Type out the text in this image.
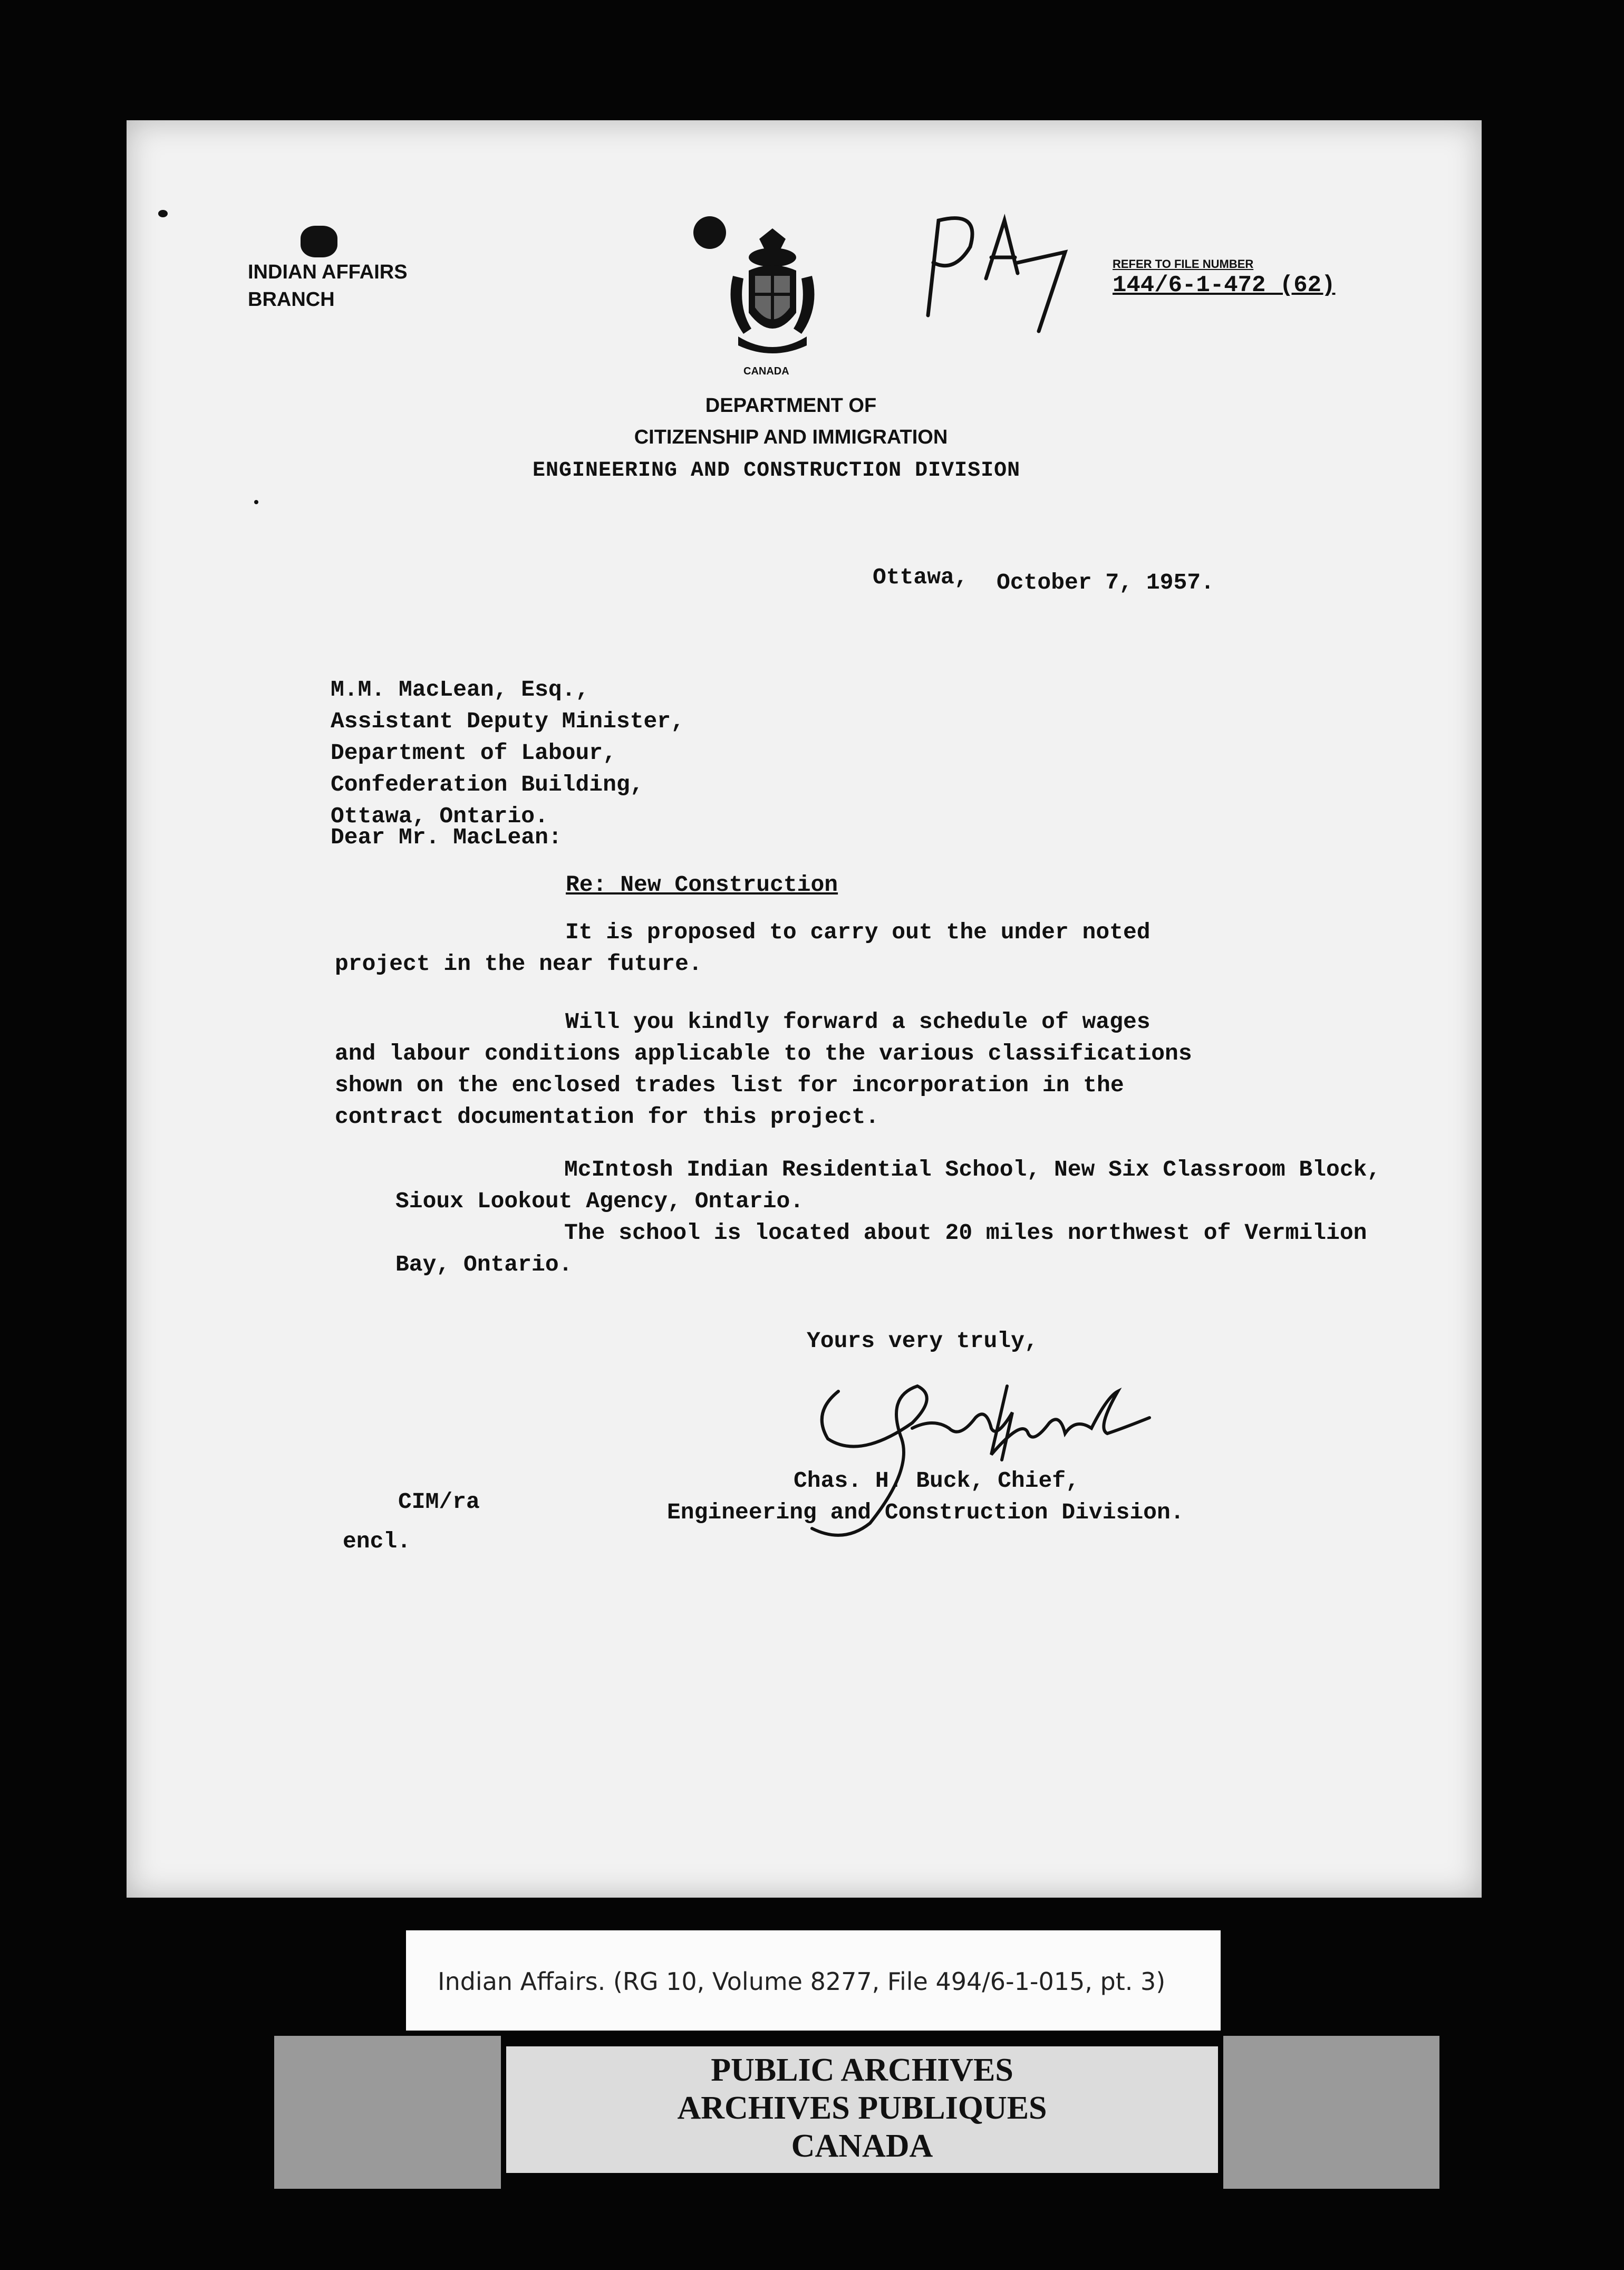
INDIAN AFFAIRS
BRANCH
CANADA
REFER TO FILE NUMBER
144/6-1-472 (62)
DEPARTMENT OF
CITIZENSHIP AND IMMIGRATION
ENGINEERING AND CONSTRUCTION DIVISION
Ottawa, October 7, 1957.
M.M. MacLean, Esq.,
Assistant Deputy Minister,
Department of Labour,
Confederation Building,
Ottawa, Ontario.
Dear Mr. MacLean:
Re: New Construction
It is proposed to carry out the under noted
project in the near future.
Will you kindly forward a schedule of wages
and labour conditions applicable to the various classifications
shown on the enclosed trades list for incorporation in the
contract documentation for this project.
McIntosh Indian Residential School, New Six Classroom Block,
Sioux Lookout Agency, Ontario.
The school is located about 20 miles northwest of Vermilion
Bay, Ontario.
Yours very truly,
Chas. H. Buck, Chief,
Engineering and Construction Division.
CIM/ra
encl.
Indian Affairs. (RG 10, Volume 8277, File 494/6-1-015, pt. 3)
PUBLIC ARCHIVES
ARCHIVES PUBLIQUES
CANADA
